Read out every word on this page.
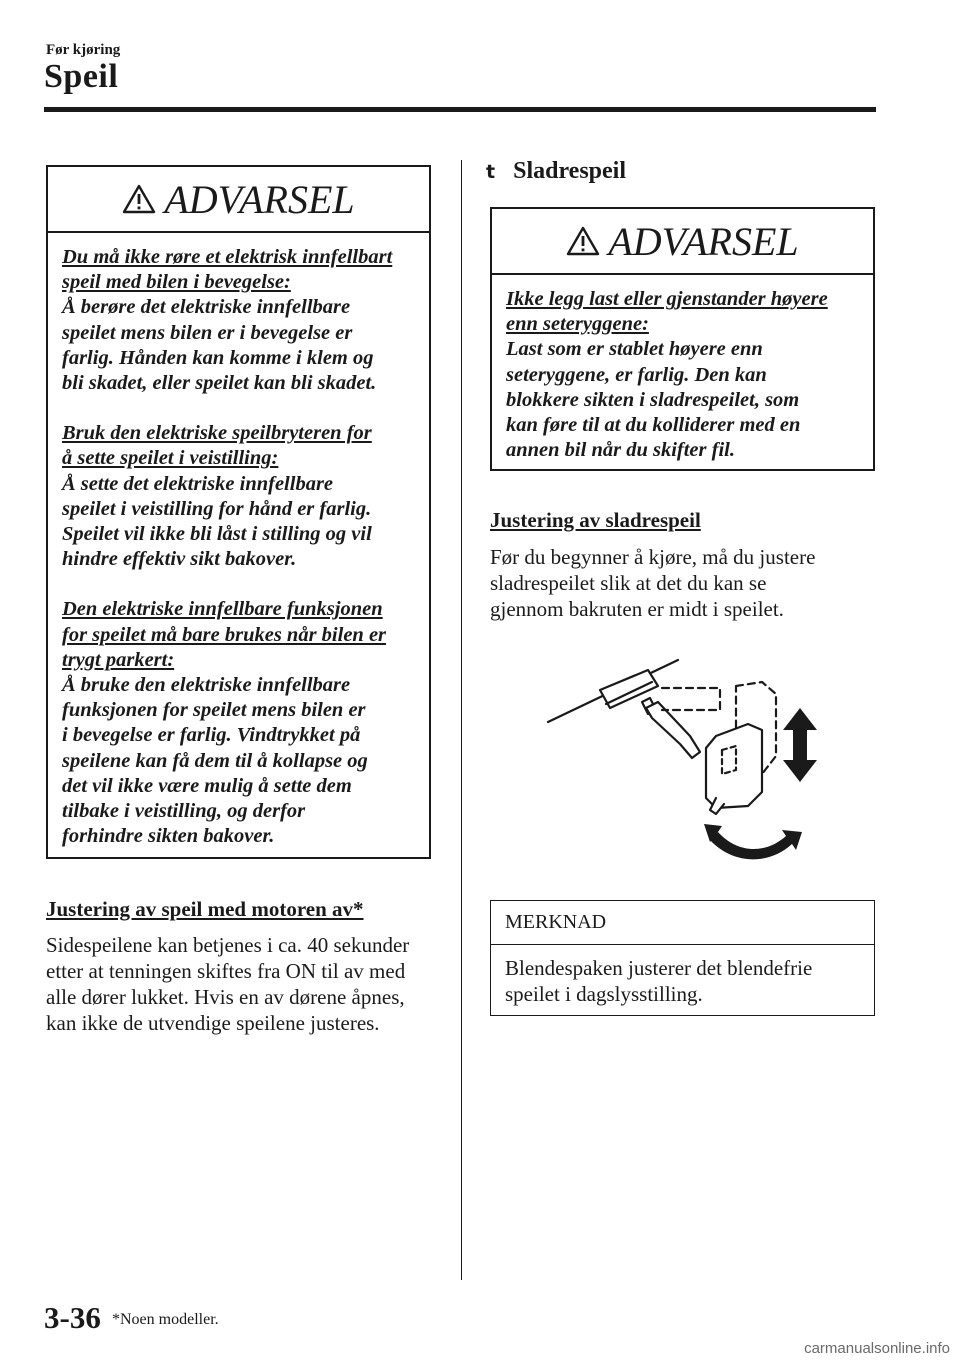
Før kjøring
Speil
ADVARSEL

Du må ikke røre et elektrisk innfellbart

speil med bilen i bevegelse:

Å berøre det elektriske innfellbare

speilet mens bilen er i bevegelse er

farlig. Hånden kan komme i klem og

bli skadet, eller speilet kan bli skadet.

Bruk den elektriske speilbryteren for

å sette speilet i veistilling:

Å sette det elektriske innfellbare

speilet i veistilling for hånd er farlig.

Speilet vil ikke bli låst i stilling og vil

hindre effektiv sikt bakover.

Den elektriske innfellbare funksjonen

for speilet må bare brukes når bilen er

trygt parkert:

Å bruke den elektriske innfellbare

funksjonen for speilet mens bilen er

i bevegelse er farlig. Vindtrykket på

speilene kan få dem til å kollapse og

det vil ikke være mulig å sette dem

tilbake i veistilling, og derfor

forhindre sikten bakover.

Justering av speil med motoren av*
Sidespeilene kan betjenes i ca. 40 sekunder
etter at tenningen skiftes fra ON til av med
alle dører lukket. Hvis en av dørene åpnes,
kan ikke de utvendige speilene justeres.
t Sladrespeil
ADVARSEL

Ikke legg last eller gjenstander høyere

enn seteryggene:

Last som er stablet høyere enn

seteryggene, er farlig. Den kan

blokkere sikten i sladrespeilet, som

kan føre til at du kolliderer med en

annen bil når du skifter fil.

Justering av sladrespeil
Før du begynner å kjøre, må du justere
sladrespeilet slik at det du kan se
gjennom bakruten er midt i speilet.
MERKNAD
Blendespaken justerer det blendefrie
speilet i dagslysstilling.
3-36 *Noen modeller.
carmanualsonline.info
